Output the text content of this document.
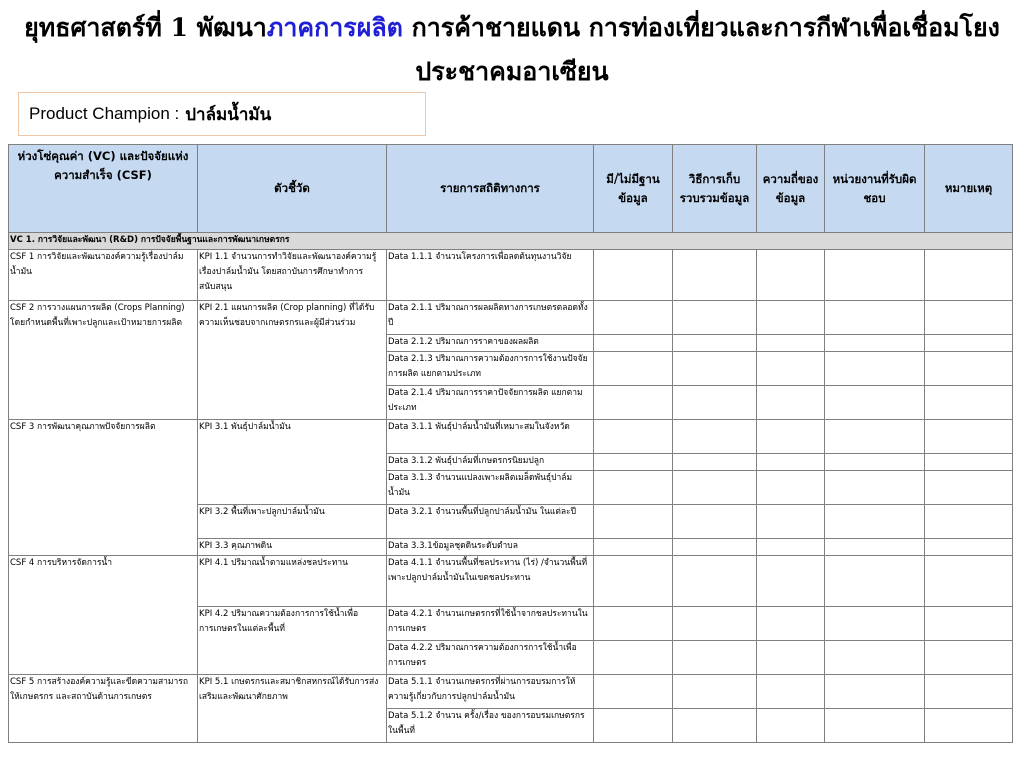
ยุทธศาสตร์ที่ 1 พัฒนาภาคการผลิต การค้าชายแดน การท่องเที่ยวและการกีฬาเพื่อเชื่อมโยง
ประชาคมอาเซียน
Product Champion : ปาล์มน้ำมัน
ห่วงโซ่คุณค่า (VC) และปัจจัยแห่งความสำเร็จ (CSF)	ตัวชี้วัด	รายการสถิติทางการ	มี/ไม่มีฐานข้อมูล	วิธีการเก็บรวบรวมข้อมูล	ความถี่ของข้อมูล	หน่วยงานที่รับผิดชอบ	หมายเหตุ
VC 1. การวิจัยและพัฒนา (R&D) การปัจจัยพื้นฐานและการพัฒนาเกษตรกร							
CSF 1 การวิจัยและพัฒนาองค์ความรู้เรื่องปาล์มน้ำมัน	KPI 1.1 จำนวนการทำวิจัยและพัฒนาองค์ความรู้เรื่องปาล์มน้ำมัน โดยสถาบันการศึกษาทำการสนับสนุน	Data 1.1.1 จำนวนโครงการเพื่อลดต้นทุนงานวิจัย					
CSF 2 การวางแผนการผลิต (Crops Planning) โดยกำหนดพื้นที่เพาะปลูกและเป้าหมายการผลิต	KPI 2.1 แผนการผลิต (Crop planning) ที่ได้รับความเห็นชอบจากเกษตรกรและผู้มีส่วนร่วม	Data 2.1.1 ปริมาณการผลผลิตทางการเกษตรตลอดทั้งปี					
		Data 2.1.2 ปริมาณการราคาของผลผลิต					
		Data 2.1.3 ปริมาณการความต้องการการใช้งานปัจจัยการผลิต แยกตามประเภท					
		Data 2.1.4 ปริมาณการราคาปัจจัยการผลิต แยกตามประเภท					
CSF 3 การพัฒนาคุณภาพปัจจัยการผลิต	KPI 3.1 พันธุ์ปาล์มน้ำมัน	Data 3.1.1 พันธุ์ปาล์มน้ำมันที่เหมาะสมในจังหวัด					
		Data 3.1.2 พันธุ์ปาล์มที่เกษตรกรนิยมปลูก					
		Data 3.1.3 จำนวนแปลงเพาะผลิตเมล็ดพันธุ์ปาล์มน้ำมัน					
	KPI 3.2 พื้นที่เพาะปลูกปาล์มน้ำมัน	Data 3.2.1 จำนวนพื้นที่ปลูกปาล์มน้ำมัน ในแต่ละปี					
	KPI 3.3 คุณภาพดิน	Data 3.3.1ข้อมูลชุดดินระดับตำบล					
CSF 4 การบริหารจัดการน้ำ	KPI 4.1 ปริมาณน้ำตามแหล่งชลประทาน	Data 4.1.1 จำนวนพื้นที่ชลประทาน (ไร่) /จำนวนพื้นที่เพาะปลูกปาล์มน้ำมันในเขตชลประทาน					
	KPI 4.2 ปริมาณความต้องการการใช้น้ำเพื่อการเกษตรในแต่ละพื้นที่	Data 4.2.1 จำนวนเกษตรกรที่ใช้น้ำจากชลประทานในการเกษตร					
		Data 4.2.2 ปริมาณการความต้องการการใช้น้ำเพื่อการเกษตร					
CSF 5 การสร้างองค์ความรู้และขีดความสามารถให้เกษตรกร และสถาบันด้านการเกษตร	KPI 5.1 เกษตรกรและสมาชิกสหกรณ์ได้รับการส่งเสริมและพัฒนาศักยภาพ	Data 5.1.1 จำนวนเกษตรกรที่ผ่านการอบรมการให้ความรู้เกี่ยวกับการปลูกปาล์มน้ำมัน					
		Data 5.1.2 จำนวน ครั้ง/เรื่อง ของการอบรมเกษตรกรในพื้นที่					
